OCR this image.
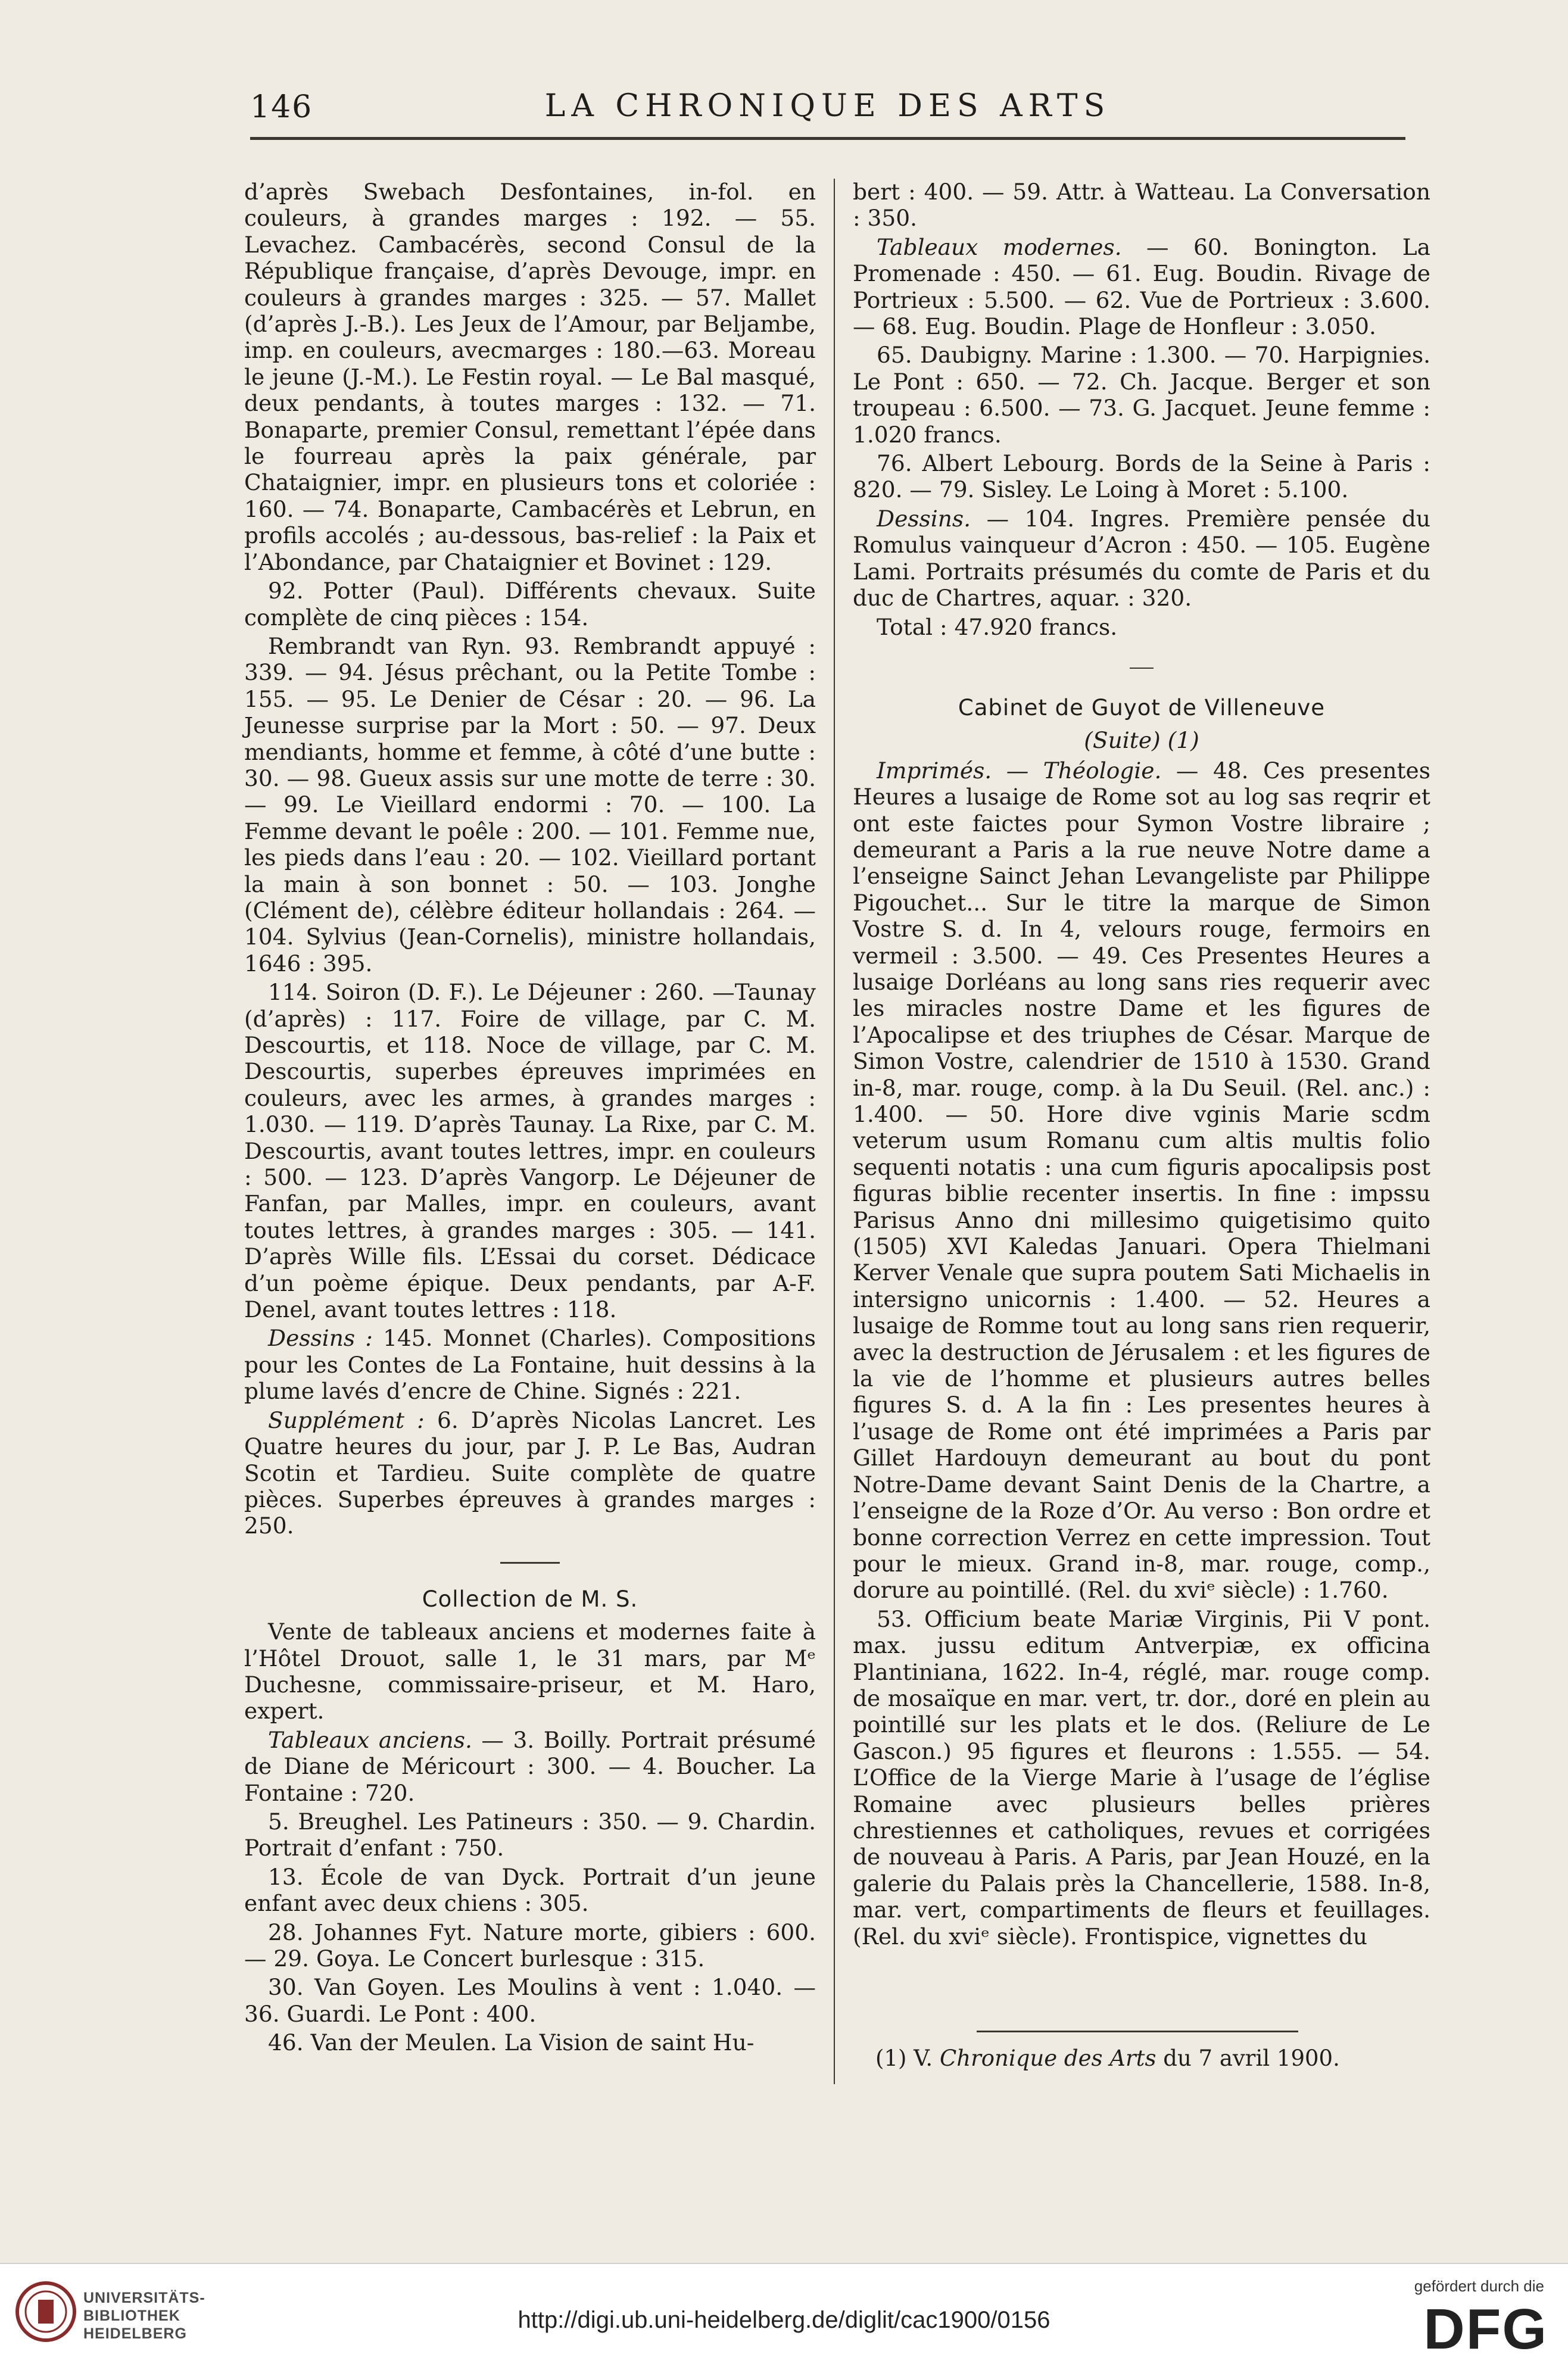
146	LA CHRONIQUE DES ARTS

d’après Swebach Desfontaines, in-fol. en couleurs, à grandes marges : 192. — 55. Levachez. Cambacérès, second Consul de la République française, d’après Devouge, impr. en couleurs à grandes marges : 325. — 57. Mallet (d’après J.-B.). Les Jeux de l’Amour, par Beljambe, imp. en couleurs, avecmarges : 180.—63. Moreau le jeune (J.-M.). Le Festin royal. — Le Bal masqué, deux pendants, à toutes marges : 132. — 71. Bonaparte, premier Consul, remettant l’épée dans le fourreau après la paix générale, par Chataignier, impr. en plusieurs tons et coloriée : 160. — 74. Bonaparte, Cambacérès et Lebrun, en profils accolés ; au-dessous, bas-relief : la Paix et l’Abondance, par Chataignier et Bovinet : 129.

92. Potter (Paul). Différents chevaux. Suite complète de cinq pièces : 154.

Rembrandt van Ryn. 93. Rembrandt appuyé : 339. — 94. Jésus prêchant, ou la Petite Tombe : 155. — 95. Le Denier de César : 20. — 96. La Jeunesse surprise par la Mort : 50. — 97. Deux mendiants, homme et femme, à côté d’une butte : 30. — 98. Gueux assis sur une motte de terre : 30. — 99. Le Vieillard endormi : 70. — 100. La Femme devant le poêle : 200. — 101. Femme nue, les pieds dans l’eau : 20. — 102. Vieillard portant la main à son bonnet : 50. — 103. Jonghe (Clément de), célèbre éditeur hollandais : 264. — 104. Sylvius (Jean-Cornelis), ministre hollandais, 1646 : 395.

114. Soiron (D. F.). Le Déjeuner : 260. —Taunay (d’après) : 117. Foire de village, par C. M. Descourtis, et 118. Noce de village, par C. M. Descourtis, superbes épreuves imprimées en couleurs, avec les armes, à grandes marges : 1.030. — 119. D’après Taunay. La Rixe, par C. M. Descourtis, avant toutes lettres, impr. en couleurs : 500. — 123. D’après Vangorp. Le Déjeuner de Fanfan, par Malles, impr. en couleurs, avant toutes lettres, à grandes marges : 305. — 141. D’après Wille fils. L’Essai du corset. Dédicace d’un poème épique. Deux pendants, par A-F. Denel, avant toutes lettres : 118.

Dessins : 145. Monnet (Charles). Compositions pour les Contes de La Fontaine, huit dessins à la plume lavés d’encre de Chine. Signés : 221.

Supplément : 6. D’après Nicolas Lancret. Les Quatre heures du jour, par J. P. Le Bas, Audran Scotin et Tardieu. Suite complète de quatre pièces. Superbes épreuves à grandes marges : 250.

Collection de M. S.

Vente de tableaux anciens et modernes faite à l’Hôtel Drouot, salle 1, le 31 mars, par Mᵉ Duchesne, commissaire-priseur, et M. Haro, expert.

Tableaux anciens. — 3. Boilly. Portrait présumé de Diane de Méricourt : 300. — 4. Boucher. La Fontaine : 720.

5. Breughel. Les Patineurs : 350. — 9. Chardin. Portrait d’enfant : 750.

13. École de van Dyck. Portrait d’un jeune enfant avec deux chiens : 305.

28. Johannes Fyt. Nature morte, gibiers : 600. — 29. Goya. Le Concert burlesque : 315.

30. Van Goyen. Les Moulins à vent : 1.040. — 36. Guardi. Le Pont : 400.

46. Van der Meulen. La Vision de saint Hu-

bert : 400. — 59. Attr. à Watteau. La Conversation : 350.

Tableaux modernes. — 60. Bonington. La Promenade : 450. — 61. Eug. Boudin. Rivage de Portrieux : 5.500. — 62. Vue de Portrieux : 3.600. — 68. Eug. Boudin. Plage de Honfleur : 3.050.

65. Daubigny. Marine : 1.300. — 70. Harpignies. Le Pont : 650. — 72. Ch. Jacque. Berger et son troupeau : 6.500. — 73. G. Jacquet. Jeune femme : 1.020 francs.

76. Albert Lebourg. Bords de la Seine à Paris : 820. — 79. Sisley. Le Loing à Moret : 5.100.

Dessins. — 104. Ingres. Première pensée du Romulus vainqueur d’Acron : 450. — 105. Eugène Lami. Portraits présumés du comte de Paris et du duc de Chartres, aquar. : 320.

Total : 47.920 francs.

Cabinet de Guyot de Villeneuve
(Suite) (1)

Imprimés. — Théologie. — 48. Ces presentes Heures a lusaige de Rome sot au log sas reqrir et ont este faictes pour Symon Vostre libraire ; demeurant a Paris a la rue neuve Notre dame a l’enseigne Sainct Jehan Levangeliste par Philippe Pigouchet... Sur le titre la marque de Simon Vostre S. d. In 4, velours rouge, fermoirs en vermeil : 3.500. — 49. Ces Presentes Heures a lusaige Dorléans au long sans ries requerir avec les miracles nostre Dame et les figures de l’Apocalipse et des triuphes de César. Marque de Simon Vostre, calendrier de 1510 à 1530. Grand in-8, mar. rouge, comp. à la Du Seuil. (Rel. anc.) : 1.400. — 50. Hore dive vginis Marie scdm veterum usum Romanu cum altis multis folio sequenti notatis : una cum figuris apocalipsis post figuras biblie recenter insertis. In fine : impssu Parisus Anno dni millesimo quigetisimo quito (1505) XVI Kaledas Januari. Opera Thielmani Kerver Venale que supra poutem Sati Michaelis in intersigno unicornis : 1.400. — 52. Heures a lusaige de Romme tout au long sans rien requerir, avec la destruction de Jérusalem : et les figures de la vie de l’homme et plusieurs autres belles figures S. d. A la fin : Les presentes heures à l’usage de Rome ont été imprimées a Paris par Gillet Hardouyn demeurant au bout du pont Notre-Dame devant Saint Denis de la Chartre, a l’enseigne de la Roze d’Or. Au verso : Bon ordre et bonne correction Verrez en cette impression. Tout pour le mieux. Grand in-8, mar. rouge, comp., dorure au pointillé. (Rel. du xviᵉ siècle) : 1.760.

53. Officium beate Mariæ Virginis, Pii V pont. max. jussu editum Antverpiæ, ex officina Plantiniana, 1622. In-4, réglé, mar. rouge comp. de mosaïque en mar. vert, tr. dor., doré en plein au pointillé sur les plats et le dos. (Reliure de Le Gascon.) 95 figures et fleurons : 1.555. — 54. L’Office de la Vierge Marie à l’usage de l’église Romaine avec plusieurs belles prières chrestiennes et catholiques, revues et corrigées de nouveau à Paris. A Paris, par Jean Houzé, en la galerie du Palais près la Chancellerie, 1588. In-8, mar. vert, compartiments de fleurs et feuillages. (Rel. du xviᵉ siècle). Frontispice, vignettes du

(1) V. Chronique des Arts du 7 avril 1900.
UNIVERSITÄTS-
BIBLIOTHEK
HEIDELBERG
http://digi.ub.uni-heidelberg.de/diglit/cac1900/0156
gefördert durch die
DFG
